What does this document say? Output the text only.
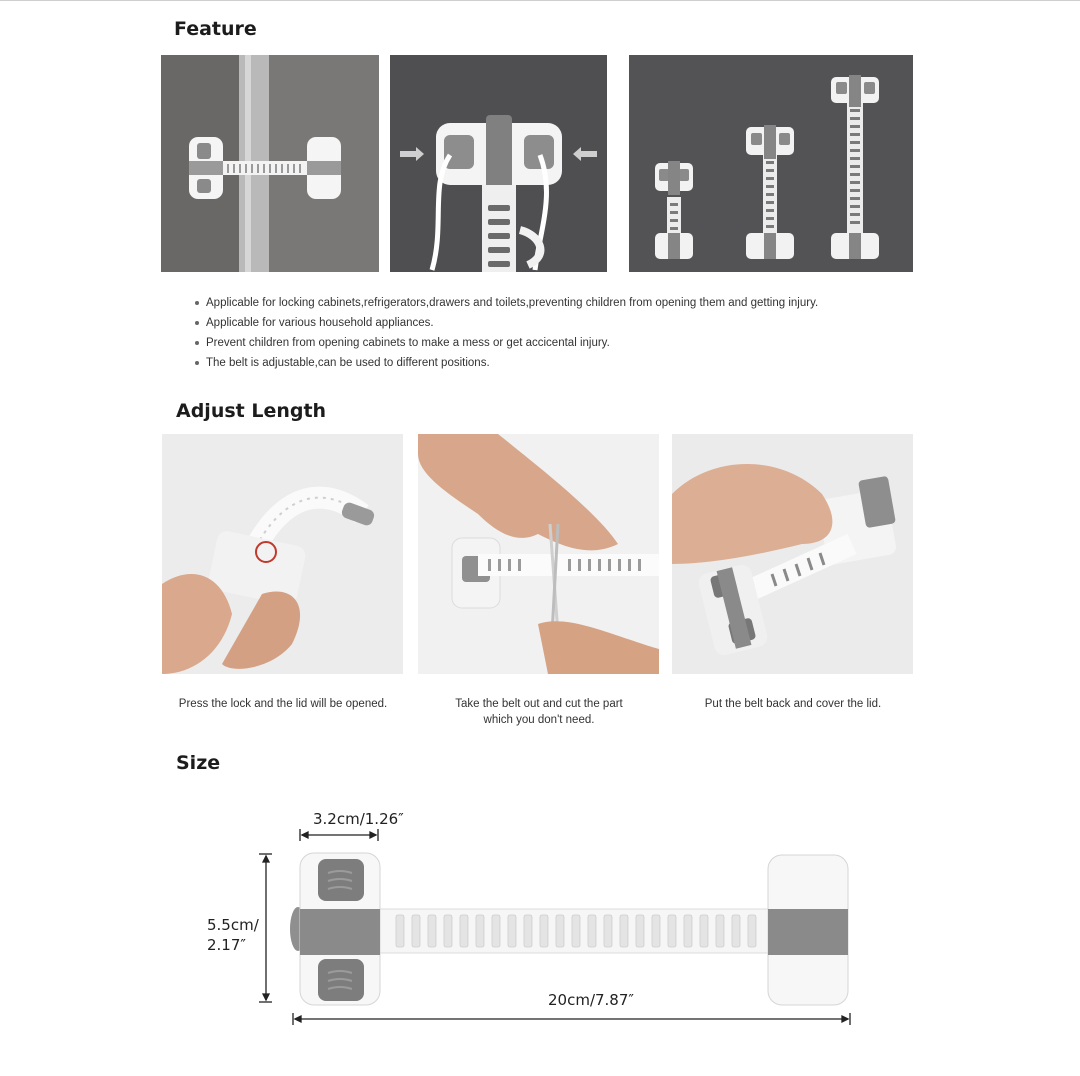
Feature
Applicable for locking cabinets,refrigerators,drawers and toilets,preventing children from opening them and getting injury.
Applicable for various household appliances.
Prevent children from opening cabinets to make a mess or get accicental injury.
The belt is adjustable,can be used to different positions.
Adjust Length
Press the lock and the lid will be opened.	Take the belt out and cut the part
which you don't need.
Put the belt back and cover the lid.
Size
3.2cm/1.26″
5.5cm/
2.17″
20cm/7.87″
